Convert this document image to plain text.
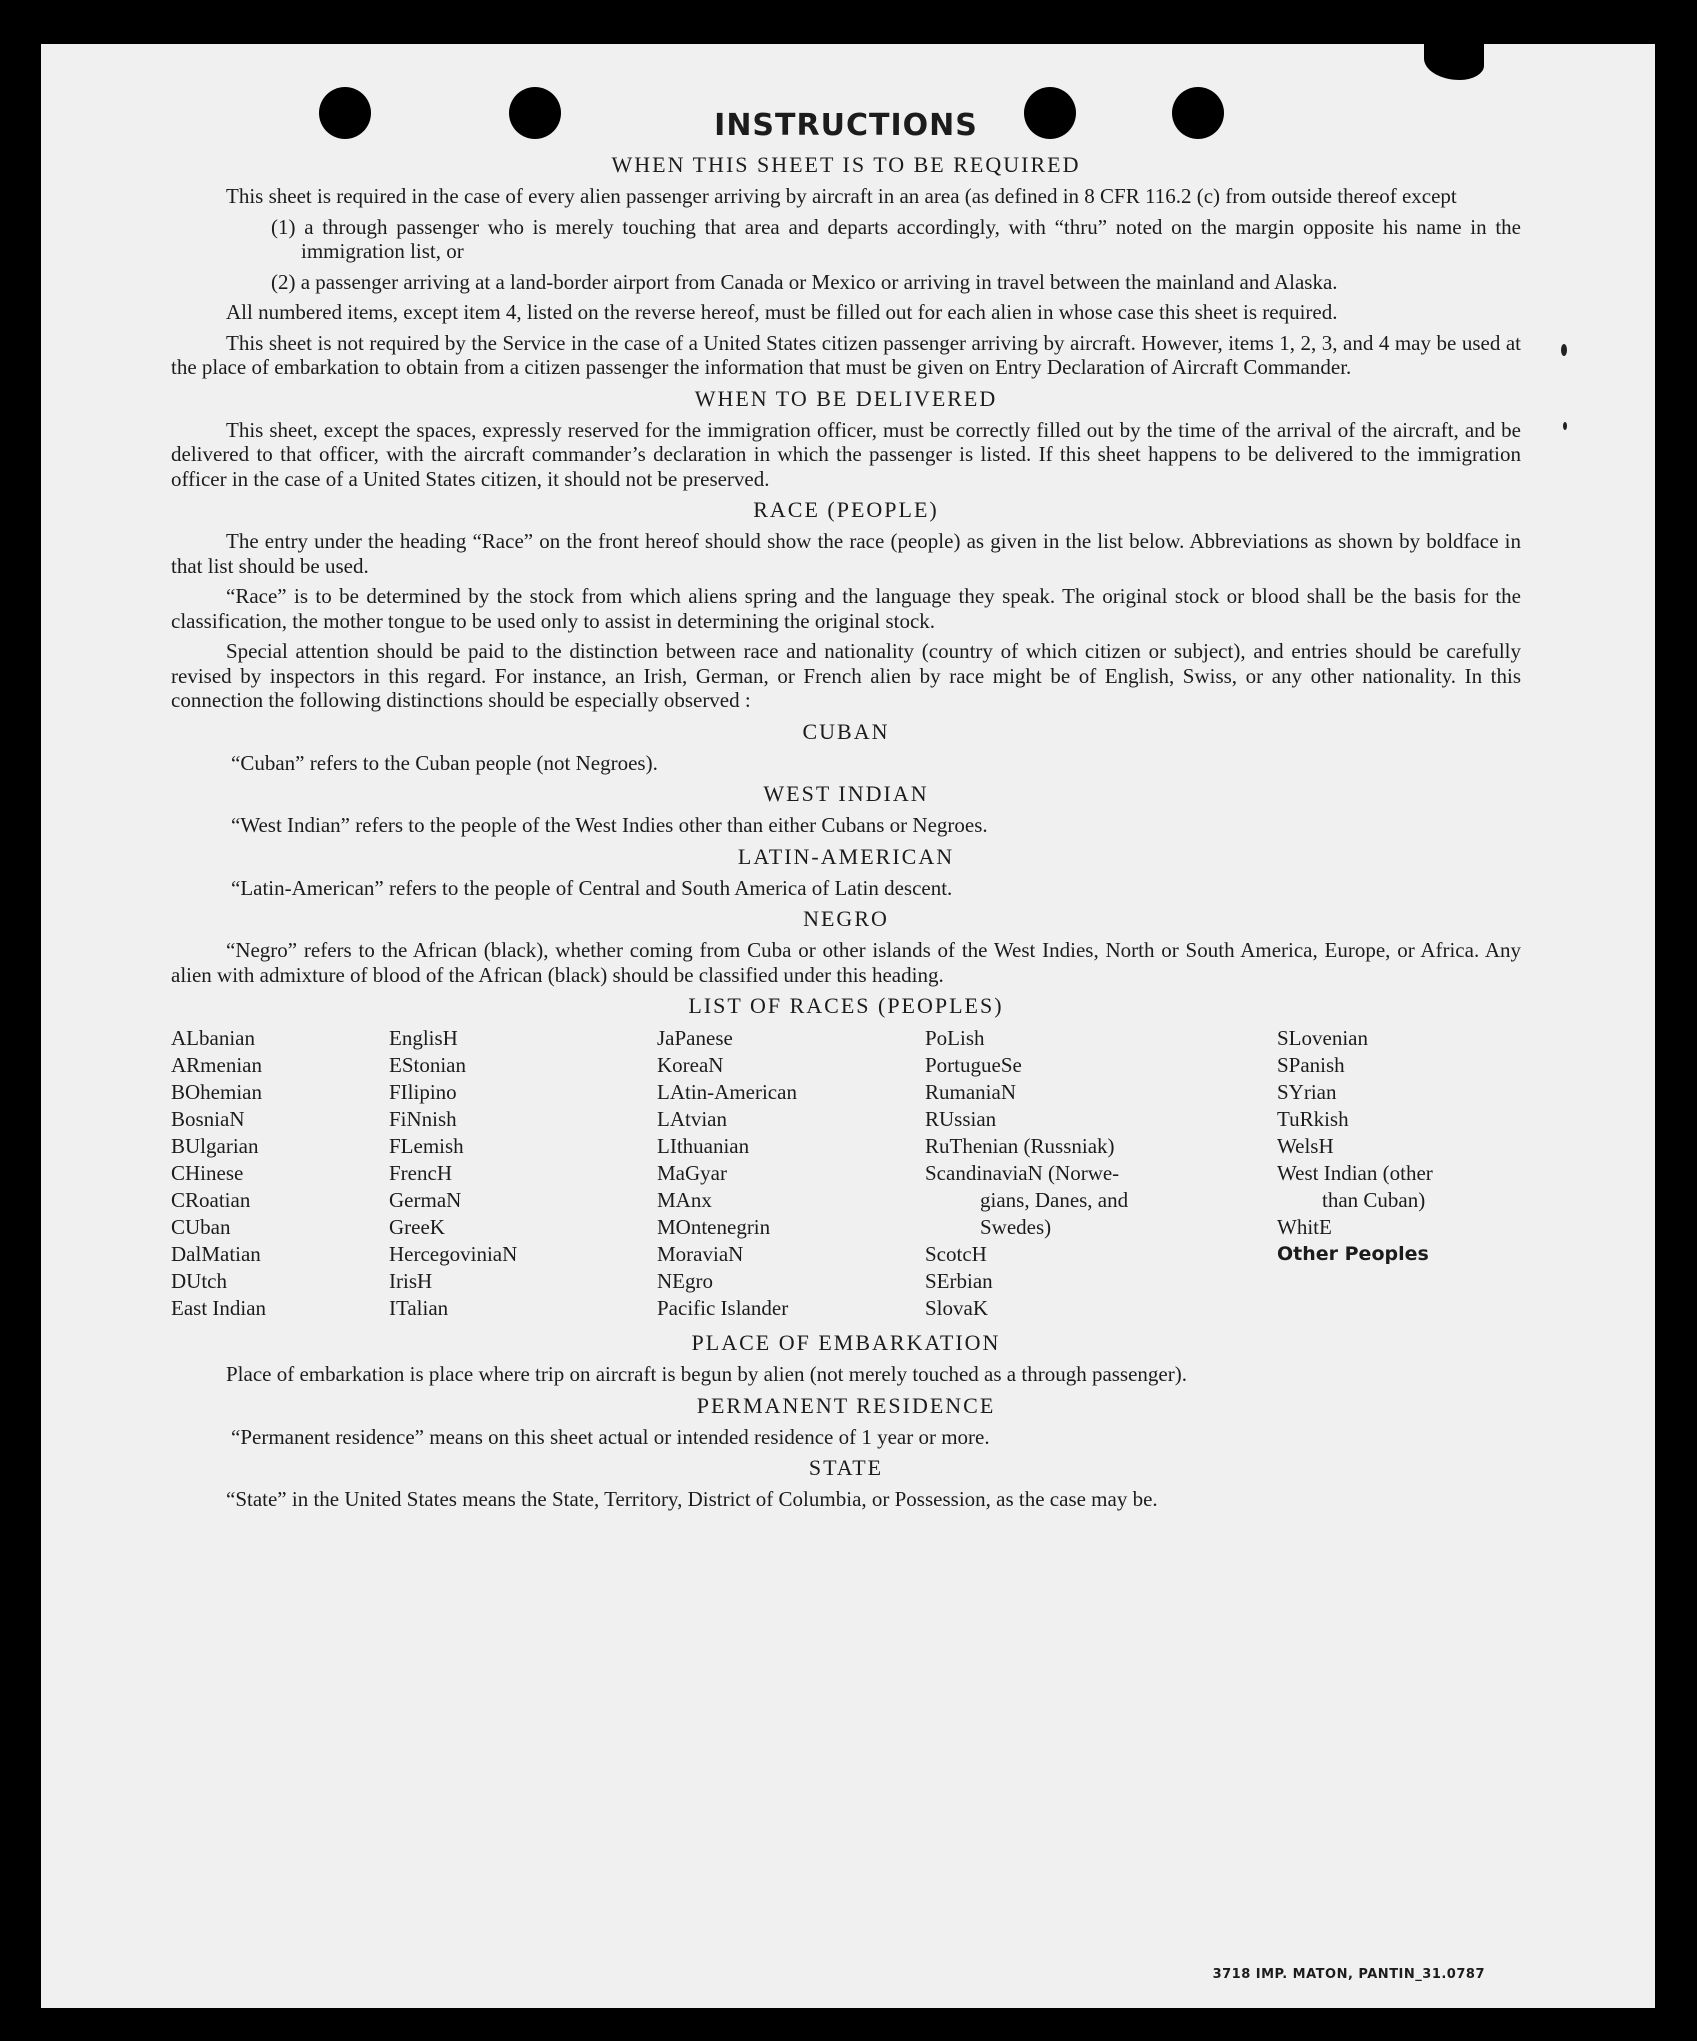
INSTRUCTIONS
WHEN THIS SHEET IS TO BE REQUIRED

This sheet is required in the case of every alien passenger arriving by aircraft in an area (as defined in 8 CFR 116.2 (c) from outside thereof except

(1) a through passenger who is merely touching that area and departs accordingly, with “thru” noted on the margin opposite his name in the immigration list, or

(2) a passenger arriving at a land-border airport from Canada or Mexico or arriving in travel between the mainland and Alaska.

All numbered items, except item 4, listed on the reverse hereof, must be filled out for each alien in whose case this sheet is required.

This sheet is not required by the Service in the case of a United States citizen passenger arriving by aircraft. However, items 1, 2, 3, and 4 may be used at the place of embarkation to obtain from a citizen passenger the information that must be given on Entry Declaration of Aircraft Commander.

WHEN TO BE DELIVERED

This sheet, except the spaces, expressly reserved for the immigration officer, must be correctly filled out by the time of the arrival of the aircraft, and be delivered to that officer, with the aircraft commander’s declaration in which the passenger is listed. If this sheet happens to be delivered to the immigration officer in the case of a United States citizen, it should not be preserved.

RACE (PEOPLE)

The entry under the heading “Race” on the front hereof should show the race (people) as given in the list below. Abbreviations as shown by boldface in that list should be used.

“Race” is to be determined by the stock from which aliens spring and the language they speak. The original stock or blood shall be the basis for the classification, the mother tongue to be used only to assist in determining the original stock.

Special attention should be paid to the distinction between race and nationality (country of which citizen or subject), and entries should be carefully revised by inspectors in this regard. For instance, an Irish, German, or French alien by race might be of English, Swiss, or any other nationality. In this connection the following distinctions should be especially observed :

CUBAN

“Cuban” refers to the Cuban people (not Negroes).

WEST INDIAN

“West Indian” refers to the people of the West Indies other than either Cubans or Negroes.

LATIN-AMERICAN

“Latin-American” refers to the people of Central and South America of Latin descent.

NEGRO

“Negro” refers to the African (black), whether coming from Cuba or other islands of the West Indies, North or South America, Europe, or Africa. Any alien with admixture of blood of the African (black) should be classified under this heading.

LIST OF RACES (PEOPLES)
ALbanian
ARmenian
BOhemian
BosniaN
BUlgarian
CHinese
CRoatian
CUban
DalMatian
DUtch
East Indian
EnglisH
EStonian
FIlipino
FiNnish
FLemish
FrencH
GermaN
GreeK
HercegoviniaN
IrisH
ITalian
JaPanese
KoreaN
LAtin-American
LAtvian
LIthuanian
MaGyar
MAnx
MOntenegrin
MoraviaN
NEgro
Pacific Islander
PoLish
PortugueSe
RumaniaN
RUssian
RuThenian (Russniak)
ScandinaviaN (Norwe-
gians, Danes, and
Swedes)
ScotcH
SErbian
SlovaK
SLovenian
SPanish
SYrian
TuRkish
WelsH
West Indian (other
than Cuban)
WhitE
Other Peoples
PLACE OF EMBARKATION

Place of embarkation is place where trip on aircraft is begun by alien (not merely touched as a through passenger).

PERMANENT RESIDENCE

“Permanent residence” means on this sheet actual or intended residence of 1 year or more.

STATE

“State” in the United States means the State, Territory, District of Columbia, or Possession, as the case may be.

3718 IMP. MATON, PANTIN_31.0787
